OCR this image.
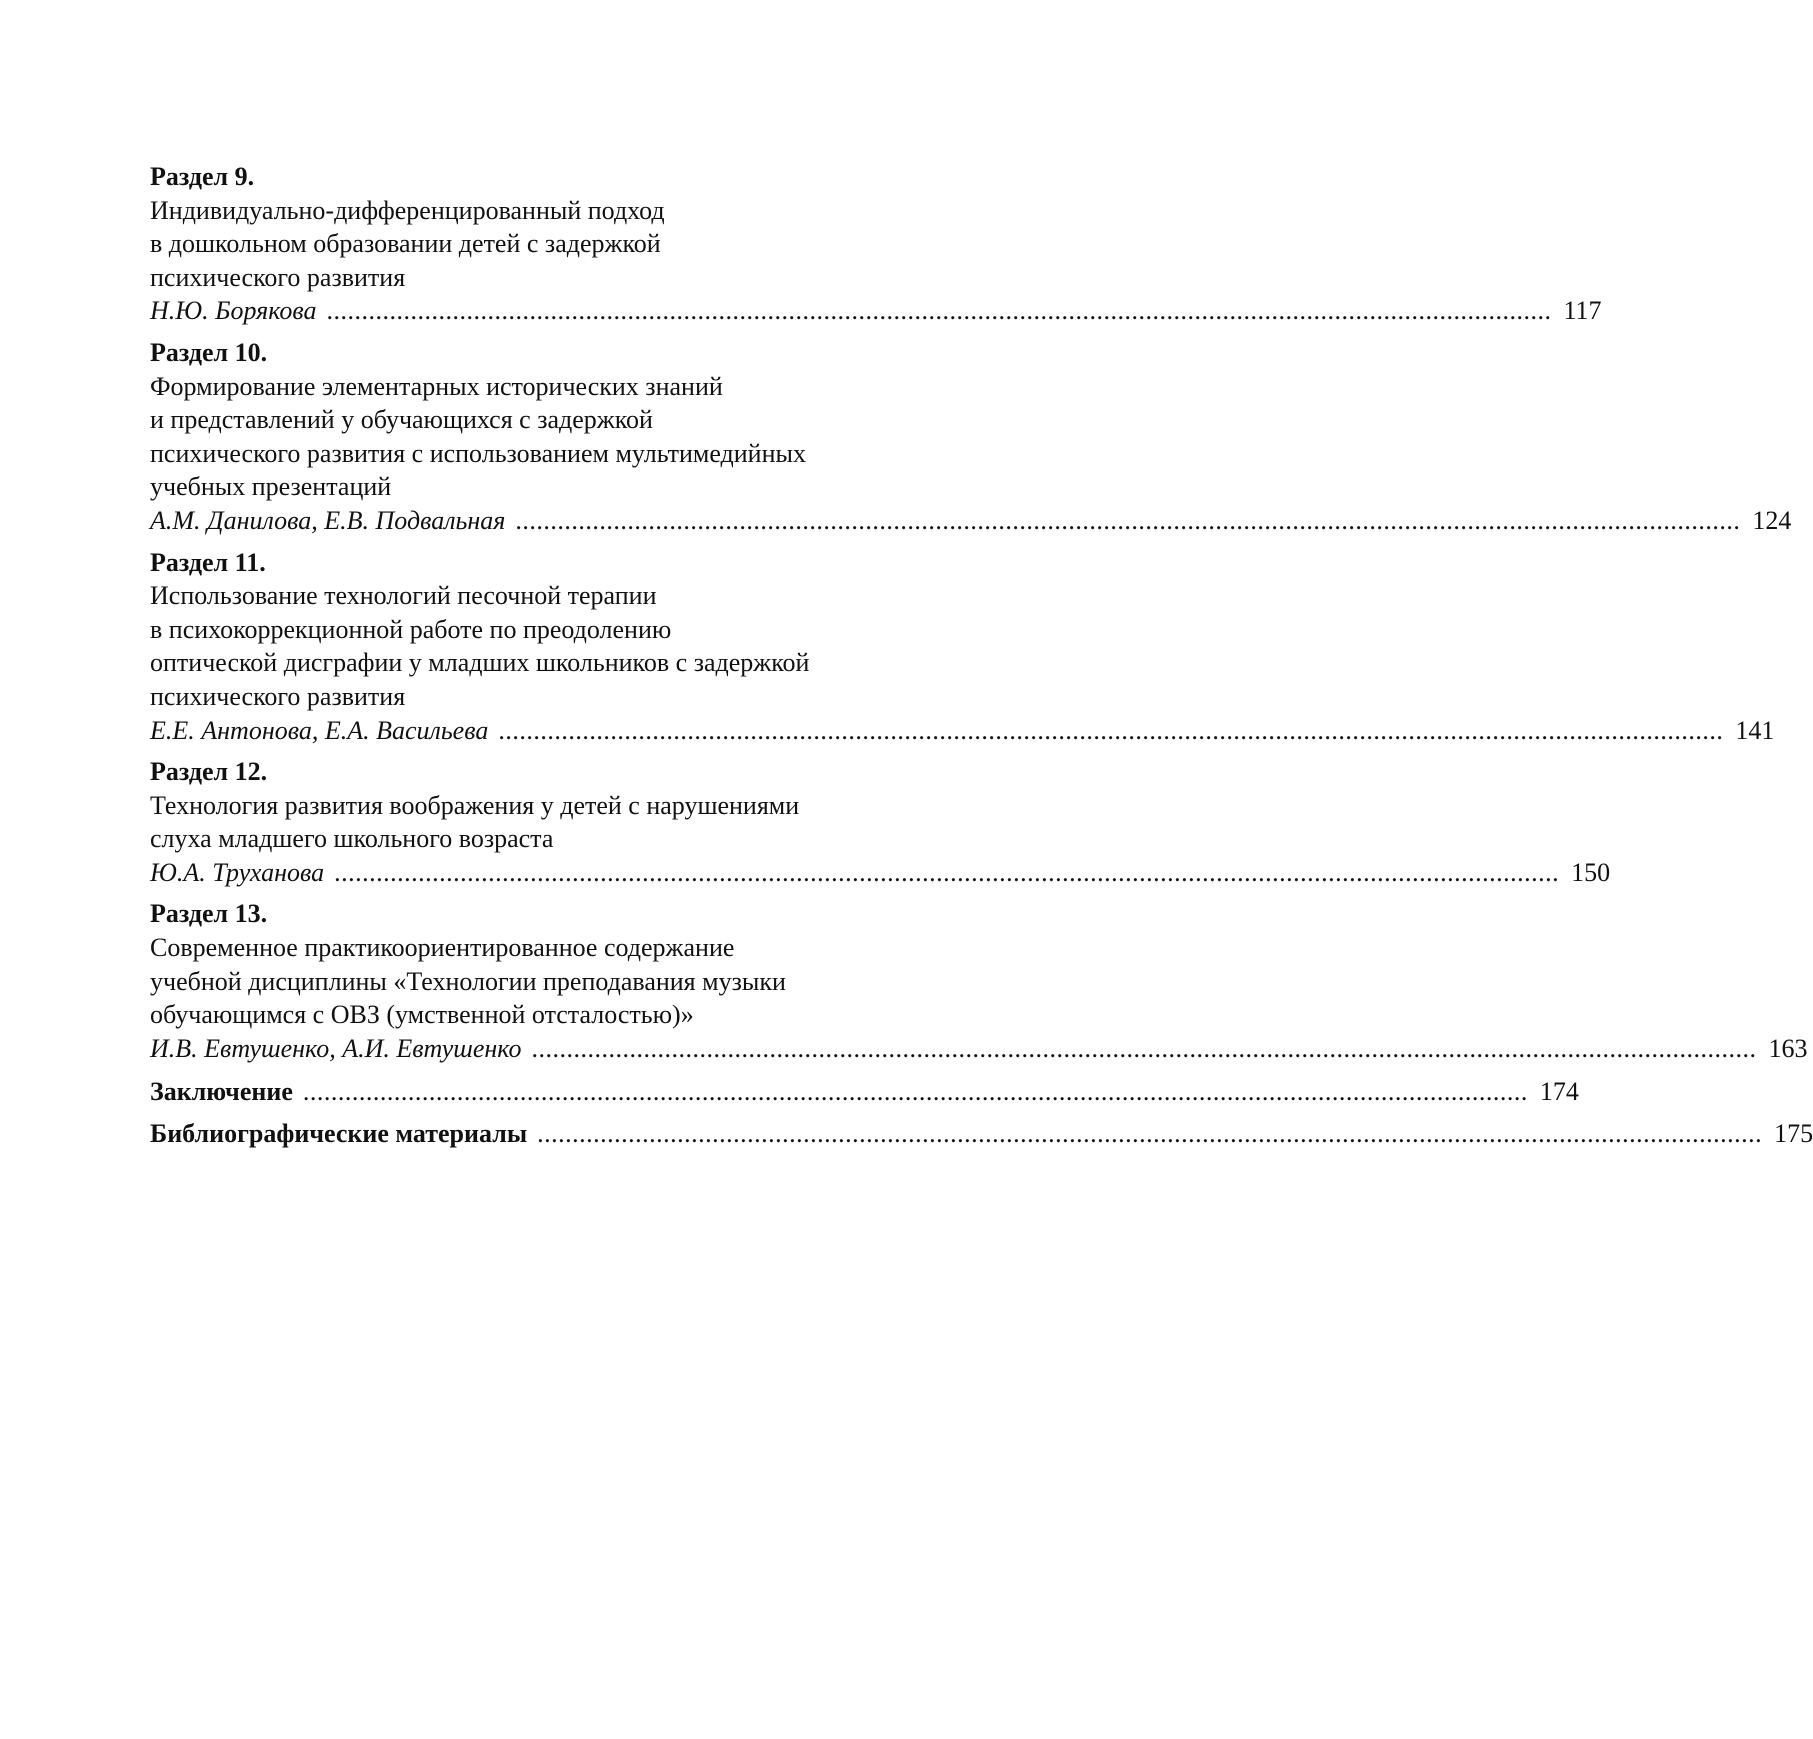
Раздел 9.
Индивидуально-дифференцированный подход
в дошкольном образовании детей с задержкой
психического развития
Н.Ю. Борякова ............................................................................................................................................................................... 117
Раздел 10.
Формирование элементарных исторических знаний
и представлений у обучающихся с задержкой
психического развития с использованием мультимедийных
учебных презентаций
А.М. Данилова, Е.В. Подвальная ............................................................................................................................................................................... 124
Раздел 11.
Использование технологий песочной терапии
в психокоррекционной работе по преодолению
оптической дисграфии у младших школьников с задержкой
психического развития
Е.Е. Антонова, Е.А. Васильева ............................................................................................................................................................................... 141
Раздел 12.
Технология развития воображения у детей с нарушениями
слуха младшего школьного возраста
Ю.А. Труханова ............................................................................................................................................................................... 150
Раздел 13.
Современное практикоориентированное содержание
учебной дисциплины «Технологии преподавания музыки
обучающимся с ОВЗ (умственной отсталостью)»
И.В. Евтушенко, А.И. Евтушенко ............................................................................................................................................................................... 163
Заключение ............................................................................................................................................................................... 174
Библиографические материалы ............................................................................................................................................................................... 175
